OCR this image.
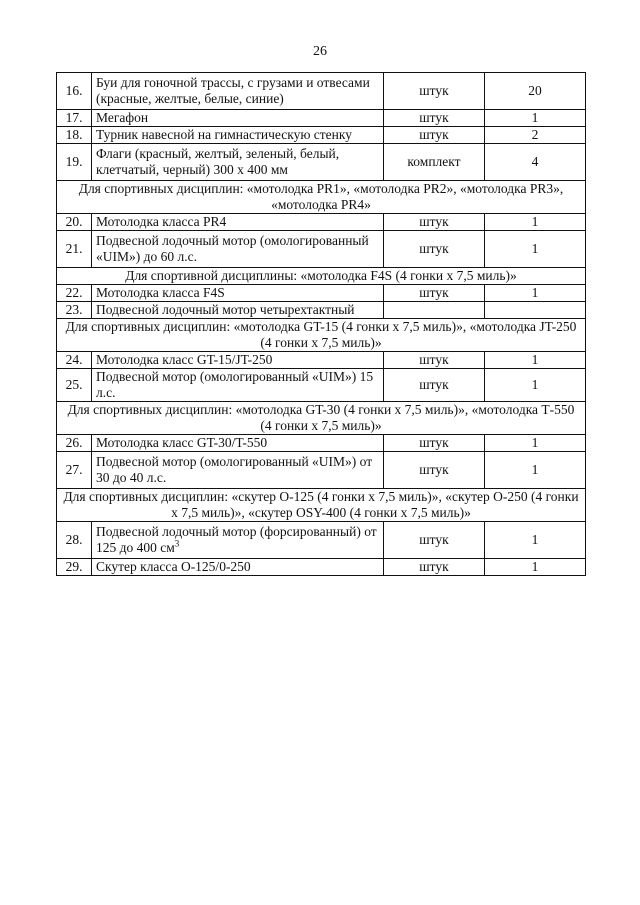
26
16.	Буи для гоночной трассы, с грузами и отвесами (красные, желтые, белые, синие)	штук	20
17.	Мегафон	штук	1
18.	Турник навесной на гимнастическую стенку	штук	2
19.	Флаги (красный, желтый, зеленый, белый, клетчатый, черный) 300 х 400 мм	комплект	4
Для спортивных дисциплин: «мотолодка PR1», «мотолодка PR2», «мотолодка PR3», «мотолодка PR4»			
20.	Мотолодка класса PR4	штук	1
21.	Подвесной лодочный мотор (омологированный «UIM») до 60 л.с.	штук	1
Для спортивной дисциплины: «мотолодка F4S (4 гонки х 7,5 миль)»			
22.	Мотолодка класса F4S	штук	1
23.	Подвесной лодочный мотор четырехтактный		
Для спортивных дисциплин: «мотолодка GT-15 (4 гонки х 7,5 миль)», «мотолодка JT-250 (4 гонки х 7,5 миль)»			
24.	Мотолодка класс GT-15/JT-250	штук	1
25.	Подвесной мотор (омологированный «UIM») 15 л.с.	штук	1
Для спортивных дисциплин: «мотолодка GT-30 (4 гонки х 7,5 миль)», «мотолодка Т-550 (4 гонки х 7,5 миль)»			
26.	Мотолодка класс GT-30/T-550	штук	1
27.	Подвесной мотор (омологированный «UIM») от 30 до 40 л.с.	штук	1
Для спортивных дисциплин: «скутер О-125 (4 гонки х 7,5 миль)», «скутер О-250 (4 гонки х 7,5 миль)», «скутер OSY-400 (4 гонки х 7,5 миль)»			
28.	Подвесной лодочный мотор (форсированный) от 125 до 400 $см^3$	штук	1
29.	Скутер класса О-125/0-250	штук	1
